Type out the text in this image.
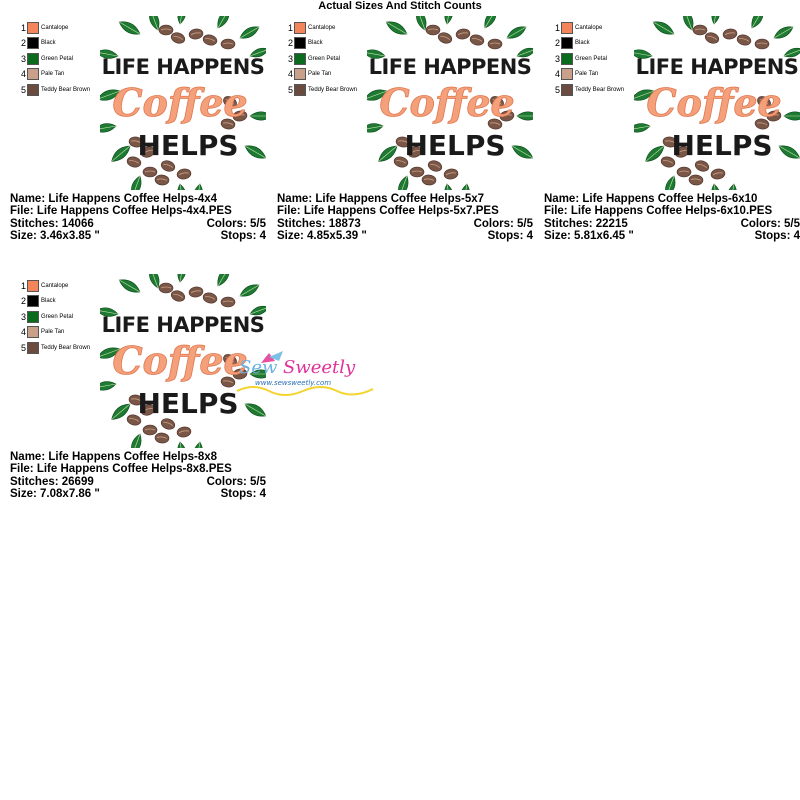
Actual Sizes And Stitch Counts
1	Cantalope
2	Black
3	Green Petal
4	Pale Tan
5	Teddy Bear Brown
LIFE HAPPENS
Coffee
HELPS
Name: Life Happens Coffee Helps-4x4
File: Life Happens Coffee Helps-4x4.PES
Stitches: 14066	Colors: 5/5
Size: 3.46x3.85 "	Stops: 4
1	Cantalope
2	Black
3	Green Petal
4	Pale Tan
5	Teddy Bear Brown
LIFE HAPPENS
Coffee
HELPS
Name: Life Happens Coffee Helps-5x7
File: Life Happens Coffee Helps-5x7.PES
Stitches: 18873	Colors: 5/5
Size: 4.85x5.39 "	Stops: 4
1	Cantalope
2	Black
3	Green Petal
4	Pale Tan
5	Teddy Bear Brown
LIFE HAPPENS
Coffee
HELPS
Name: Life Happens Coffee Helps-6x10
File: Life Happens Coffee Helps-6x10.PES
Stitches: 22215	Colors: 5/5
Size: 5.81x6.45 "	Stops: 4
1	Cantalope
2	Black
3	Green Petal
4	Pale Tan
5	Teddy Bear Brown
LIFE HAPPENS
Coffee
HELPS
Name: Life Happens Coffee Helps-8x8
File: Life Happens Coffee Helps-8x8.PES
Stitches: 26699	Colors: 5/5
Size: 7.08x7.86 "	Stops: 4
Sew Sweetly
www.sewsweetly.com
